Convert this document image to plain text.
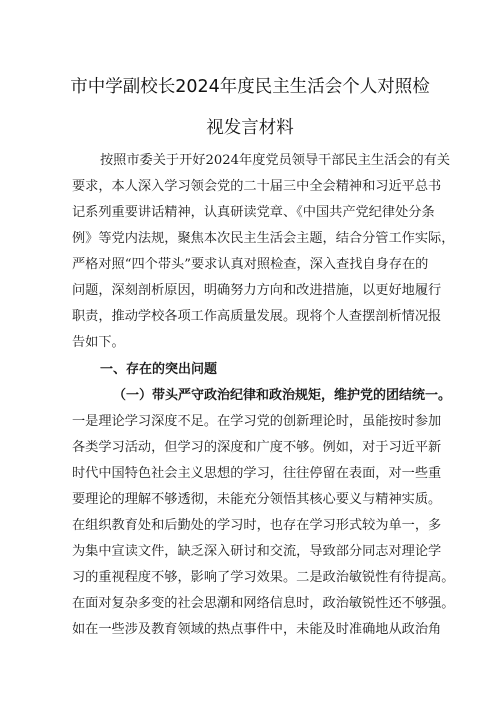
市中学副校长2024年度民主生活会个人对照检
视发言材料
按照市委关于开好2024年度党员领导干部民主生活会的有关
要求，本人深入学习领会党的二十届三中全会精神和习近平总书
记系列重要讲话精神，认真研读党章、《中国共产党纪律处分条
例》等党内法规，聚焦本次民主生活会主题，结合分管工作实际，
严格对照“四个带头”要求认真对照检查，深入查找自身存在的
问题，深刻剖析原因，明确努力方向和改进措施，以更好地履行
职责，推动学校各项工作高质量发展。现将个人查摆剖析情况报
告如下。
一、存在的突出问题
（一）带头严守政治纪律和政治规矩，维护党的团结统一。
一是理论学习深度不足。在学习党的创新理论时，虽能按时参加
各类学习活动，但学习的深度和广度不够。例如，对于习近平新
时代中国特色社会主义思想的学习，往往停留在表面，对一些重
要理论的理解不够透彻，未能充分领悟其核心要义与精神实质。
在组织教育处和后勤处的学习时，也存在学习形式较为单一，多
为集中宣读文件，缺乏深入研讨和交流，导致部分同志对理论学
习的重视程度不够，影响了学习效果。二是政治敏锐性有待提高。
在面对复杂多变的社会思潮和网络信息时，政治敏锐性还不够强。
如在一些涉及教育领域的热点事件中，未能及时准确地从政治角
